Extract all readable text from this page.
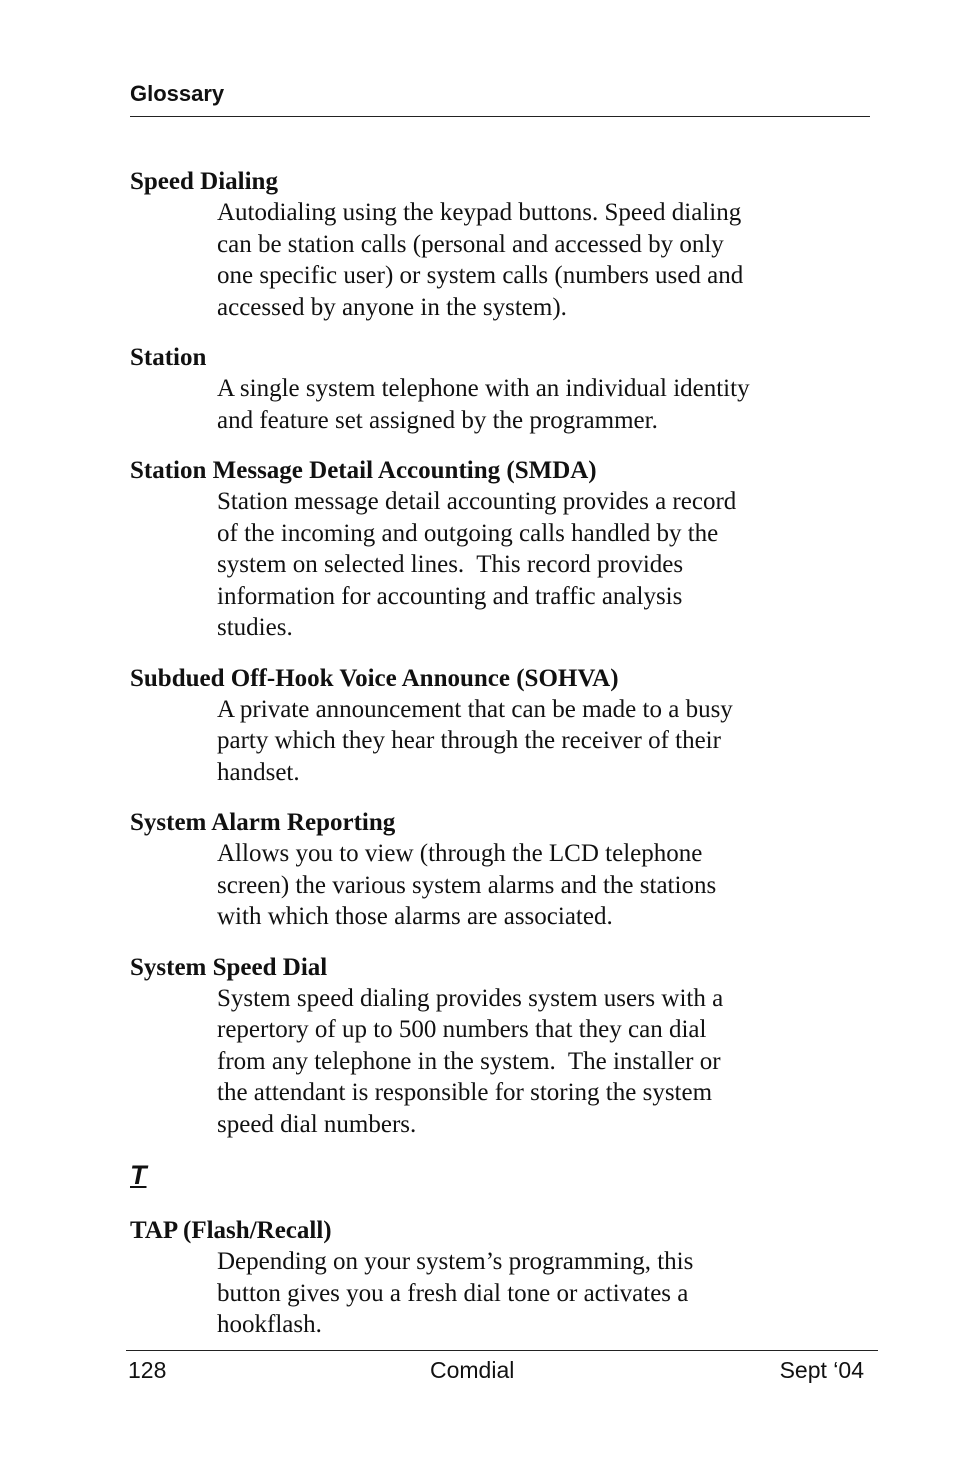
Glossary
Speed Dialing
Autodialing using the keypad buttons. Speed dialing
can be station calls (personal and accessed by only
one specific user) or system calls (numbers used and
accessed by anyone in the system).
Station
A single system telephone with an individual identity
and feature set assigned by the programmer.
Station Message Detail Accounting (SMDA)
Station message detail accounting provides a record
of the incoming and outgoing calls handled by the
system on selected lines.  This record provides
information for accounting and traffic analysis
studies.
Subdued Off-Hook Voice Announce (SOHVA)
A private announcement that can be made to a busy
party which they hear through the receiver of their
handset.
System Alarm Reporting
Allows you to view (through the LCD telephone
screen) the various system alarms and the stations
with which those alarms are associated.
System Speed Dial
System speed dialing provides system users with a
repertory of up to 500 numbers that they can dial
from any telephone in the system.  The installer or
the attendant is responsible for storing the system
speed dial numbers.
T
TAP (Flash/Recall)
Depending on your system’s programming, this
button gives you a fresh dial tone or activates a
hookflash.
128	Comdial	Sept ‘04
